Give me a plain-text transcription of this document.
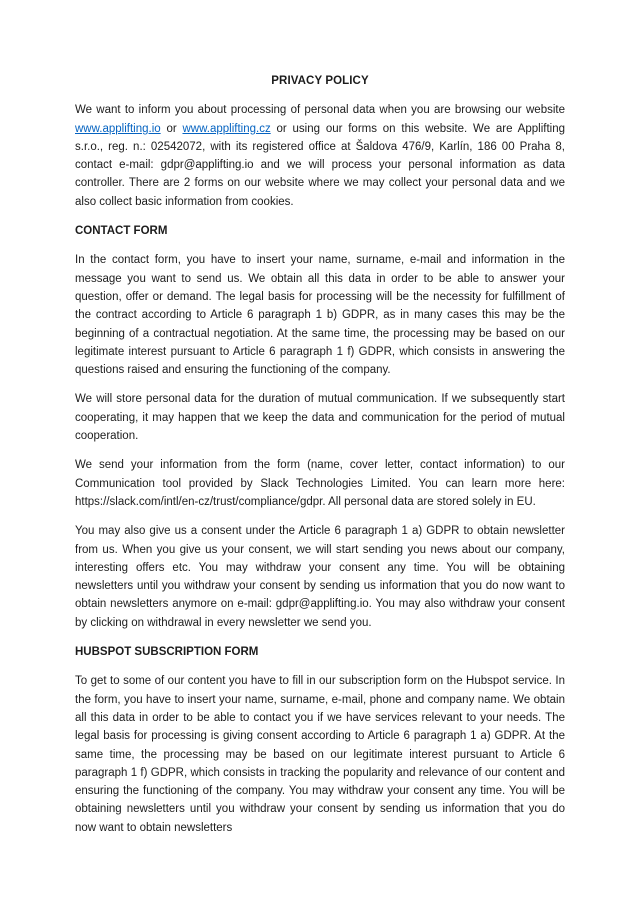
PRIVACY POLICY

We want to inform you about processing of personal data when you are browsing our website www.applifting.io or www.applifting.cz or using our forms on this website. We are Applifting s.r.o., reg. n.: 02542072, with its registered office at Šaldova 476/9, Karlín, 186 00 Praha 8, contact e-mail: gdpr@applifting.io and we will process your personal information as data controller. There are 2 forms on our website where we may collect your personal data and we also collect basic information from cookies.

CONTACT FORM

In the contact form, you have to insert your name, surname, e-mail and information in the message you want to send us. We obtain all this data in order to be able to answer your question, offer or demand. The legal basis for processing will be the necessity for fulfillment of the contract according to Article 6 paragraph 1 b) GDPR, as in many cases this may be the beginning of a contractual negotiation. At the same time, the processing may be based on our legitimate interest pursuant to Article 6 paragraph 1 f) GDPR, which consists in answering the questions raised and ensuring the functioning of the company.

We will store personal data for the duration of mutual communication. If we subsequently start cooperating, it may happen that we keep the data and communication for the period of mutual cooperation.

We send your information from the form (name, cover letter, contact information) to our Communication tool provided by Slack Technologies Limited. You can learn more here: https://slack.com/intl/en-cz/trust/compliance/gdpr. All personal data are stored solely in EU.

You may also give us a consent under the Article 6 paragraph 1 a) GDPR to obtain newsletter from us. When you give us your consent, we will start sending you news about our company, interesting offers etc. You may withdraw your consent any time. You will be obtaining newsletters until you withdraw your consent by sending us information that you do now want to obtain newsletters anymore on e-mail: gdpr@applifting.io. You may also withdraw your consent by clicking on withdrawal in every newsletter we send you.

HUBSPOT SUBSCRIPTION FORM

To get to some of our content you have to fill in our subscription form on the Hubspot service. In the form, you have to insert your name, surname, e-mail, phone and company name. We obtain all this data in order to be able to contact you if we have services relevant to your needs. The legal basis for processing is giving consent according to Article 6 paragraph 1 a) GDPR. At the same time, the processing may be based on our legitimate interest pursuant to Article 6 paragraph 1 f) GDPR, which consists in tracking the popularity and relevance of our content and ensuring the functioning of the company. You may withdraw your consent any time. You will be obtaining newsletters until you withdraw your consent by sending us information that you do now want to obtain newsletters
